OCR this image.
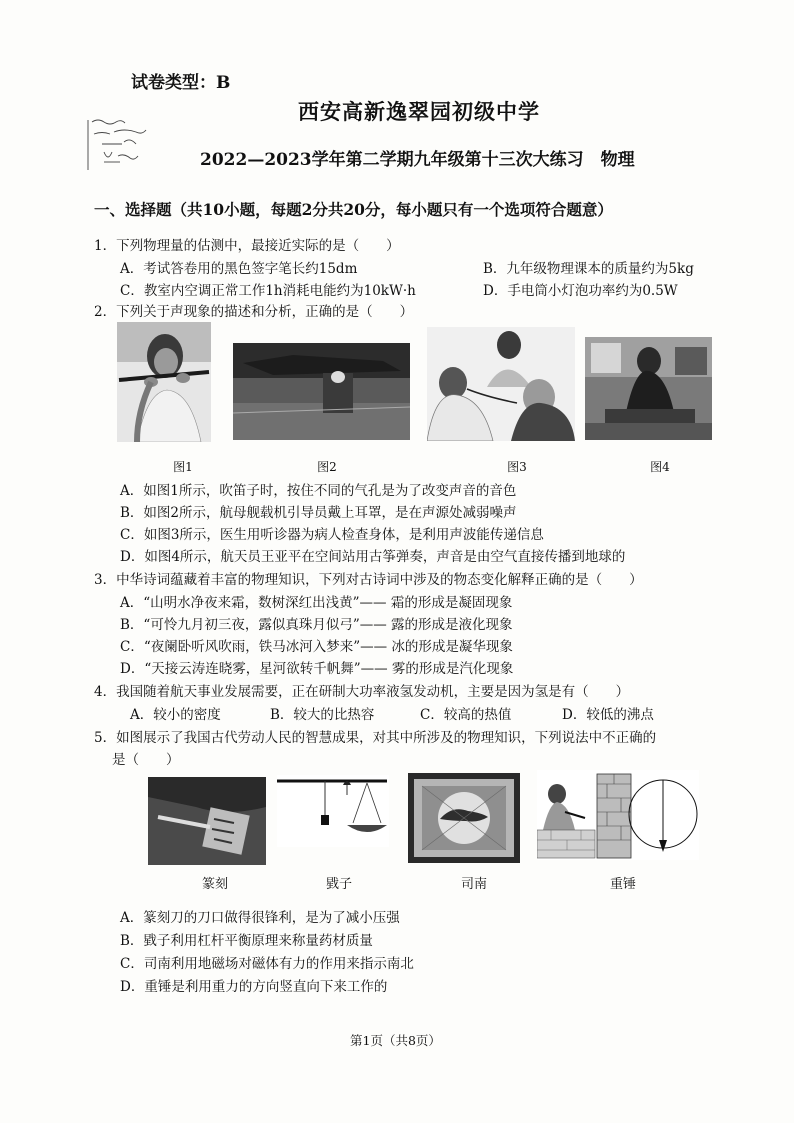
试卷类型：B
西安高新逸翠园初级中学
2022—2023学年第二学期九年级第十三次大练习　物理
一、选择题（共10小题，每题2分共20分，每小题只有一个选项符合题意）
1．下列物理量的估测中，最接近实际的是（　　）
A．考试答卷用的黑色签字笔长约15dm	B．九年级物理课本的质量约为5kg
C．教室内空调正常工作1h消耗电能约为10kW·h	D．手电筒小灯泡功率约为0.5W
2．下列关于声现象的描述和分析，正确的是（　　）
图1	图2	图3	图4
A．如图1所示，吹笛子时，按住不同的气孔是为了改变声音的音色
B．如图2所示，航母舰载机引导员戴上耳罩，是在声源处减弱噪声
C．如图3所示，医生用听诊器为病人检查身体，是利用声波能传递信息
D．如图4所示，航天员王亚平在空间站用古筝弹奏，声音是由空气直接传播到地球的
3．中华诗词蕴藏着丰富的物理知识，下列对古诗词中涉及的物态变化解释正确的是（　　）
A．“山明水净夜来霜，数树深红出浅黄”—— 霜的形成是凝固现象
B．“可怜九月初三夜，露似真珠月似弓”—— 露的形成是液化现象
C．“夜阑卧听风吹雨，铁马冰河入梦来”—— 冰的形成是凝华现象
D．“天接云涛连晓雾，星河欲转千帆舞”—— 雾的形成是汽化现象
4．我国随着航天事业发展需要，正在研制大功率液氢发动机，主要是因为氢是有（　　）
A．较小的密度	B．较大的比热容	C．较高的热值	D．较低的沸点
5．如图展示了我国古代劳动人民的智慧成果，对其中所涉及的物理知识，下列说法中不正确的
是（　　）
篆刻	戥子	司南	重锤
A．篆刻刀的刀口做得很锋利，是为了减小压强
B．戥子利用杠杆平衡原理来称量药材质量
C．司南利用地磁场对磁体有力的作用来指示南北
D．重锤是利用重力的方向竖直向下来工作的
第1页（共8页）
